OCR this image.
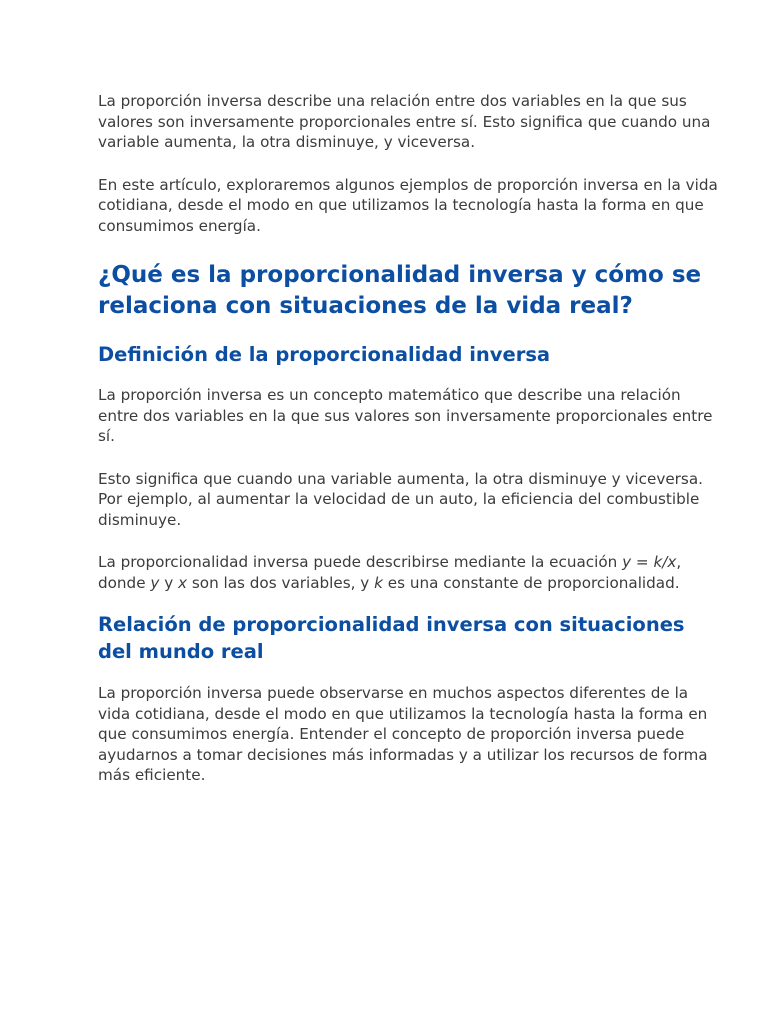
La proporción inversa describe una relación entre dos variables en la que sus valores son inversamente proporcionales entre sí. Esto significa que cuando una variable aumenta, la otra disminuye, y viceversa.

En este artículo, exploraremos algunos ejemplos de proporción inversa en la vida cotidiana, desde el modo en que utilizamos la tecnología hasta la forma en que consumimos energía.

¿Qué es la proporcionalidad inversa y cómo se relaciona con situaciones de la vida real?
Definición de la proporcionalidad inversa

La proporción inversa es un concepto matemático que describe una relación entre dos variables en la que sus valores son inversamente proporcionales entre sí.

Esto significa que cuando una variable aumenta, la otra disminuye y viceversa. Por ejemplo, al aumentar la velocidad de un auto, la eficiencia del combustible disminuye.

La proporcionalidad inversa puede describirse mediante la ecuación y = k/x, donde y y x son las dos variables, y k es una constante de proporcionalidad.

Relación de proporcionalidad inversa con situaciones del mundo real

La proporción inversa puede observarse en muchos aspectos diferentes de la vida cotidiana, desde el modo en que utilizamos la tecnología hasta la forma en que consumimos energía. Entender el concepto de proporción inversa puede ayudarnos a tomar decisiones más informadas y a utilizar los recursos de forma más eficiente.
